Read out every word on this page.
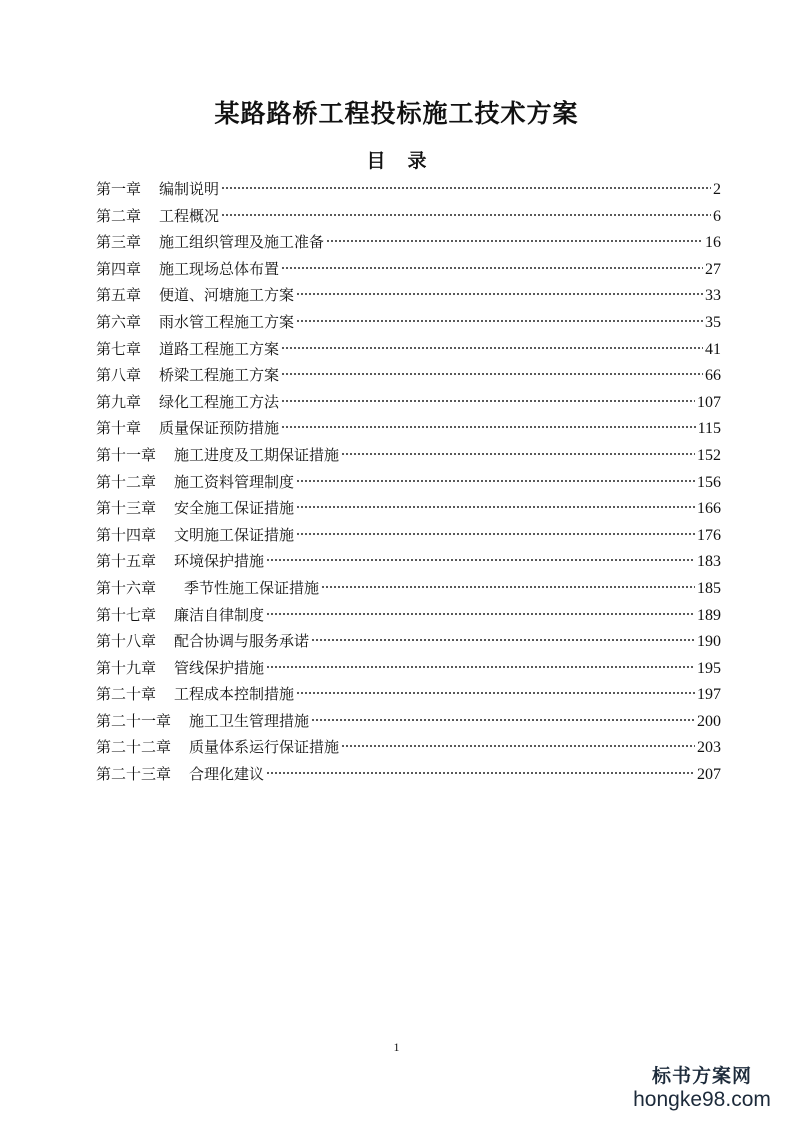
某路路桥工程投标施工技术方案
目 录
第一章 编制说明	2
第二章 工程概况	6
第三章 施工组织管理及施工准备	16
第四章 施工现场总体布置	27
第五章 便道、河塘施工方案	33
第六章 雨水管工程施工方案	35
第七章 道路工程施工方案	41
第八章 桥梁工程施工方案	66
第九章 绿化工程施工方法	107
第十章 质量保证预防措施	115
第十一章 施工进度及工期保证措施	152
第十二章 施工资料管理制度	156
第十三章 安全施工保证措施	166
第十四章 文明施工保证措施	176
第十五章 环境保护措施	183
第十六章 季节性施工保证措施	185
第十七章 廉洁自律制度	189
第十八章 配合协调与服务承诺	190
第十九章 管线保护措施	195
第二十章 工程成本控制措施	197
第二十一章 施工卫生管理措施	200
第二十二章 质量体系运行保证措施	203
第二十三章 合理化建议	207
1
标书方案网
hongke98.com
